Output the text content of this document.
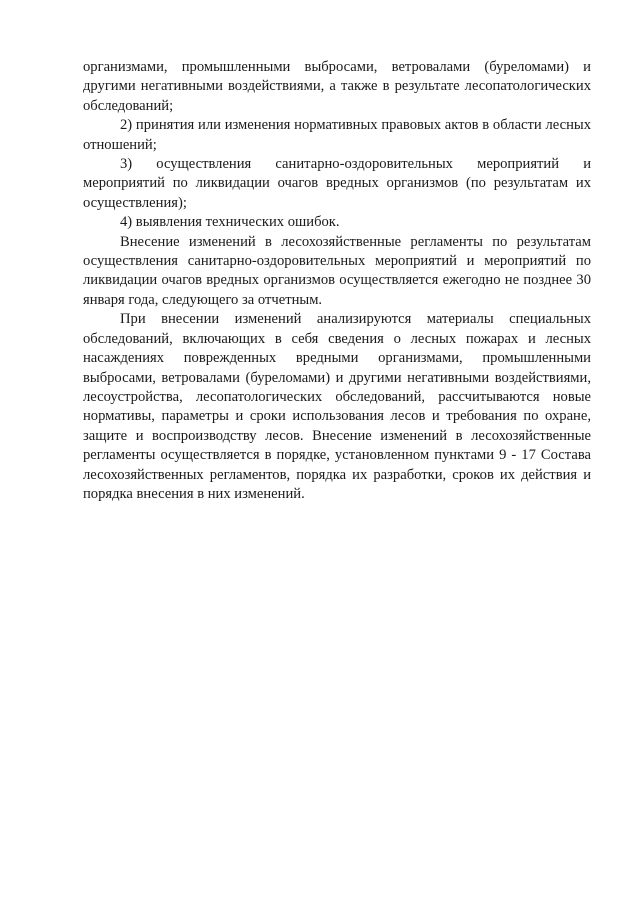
организмами, промышленными выбросами, ветровалами (буреломами) и другими негативными воздействиями, а также в результате лесопатологических обследований;

2) принятия или изменения нормативных правовых актов в области лесных отношений;

3) осуществления санитарно-оздоровительных мероприятий и мероприятий по ликвидации очагов вредных организмов (по результатам их осуществления);

4) выявления технических ошибок.

Внесение изменений в лесохозяйственные регламенты по результатам осуществления санитарно-оздоровительных мероприятий и мероприятий по ликвидации очагов вредных организмов осуществляется ежегодно не позднее 30 января года, следующего за отчетным.

При внесении изменений анализируются материалы специальных обследований, включающих в себя сведения о лесных пожарах и лесных насаждениях поврежденных вредными организмами, промышленными выбросами, ветровалами (буреломами) и другими негативными воздействиями, лесоустройства, лесопатологических обследований, рассчитываются новые нормативы, параметры и сроки использования лесов и требования по охране, защите и воспроизводству лесов. Внесение изменений в лесохозяйственные регламенты осуществляется в порядке, установленном пунктами 9 - 17 Состава лесохозяйственных регламентов, порядка их разработки, сроков их действия и порядка внесения в них изменений.
